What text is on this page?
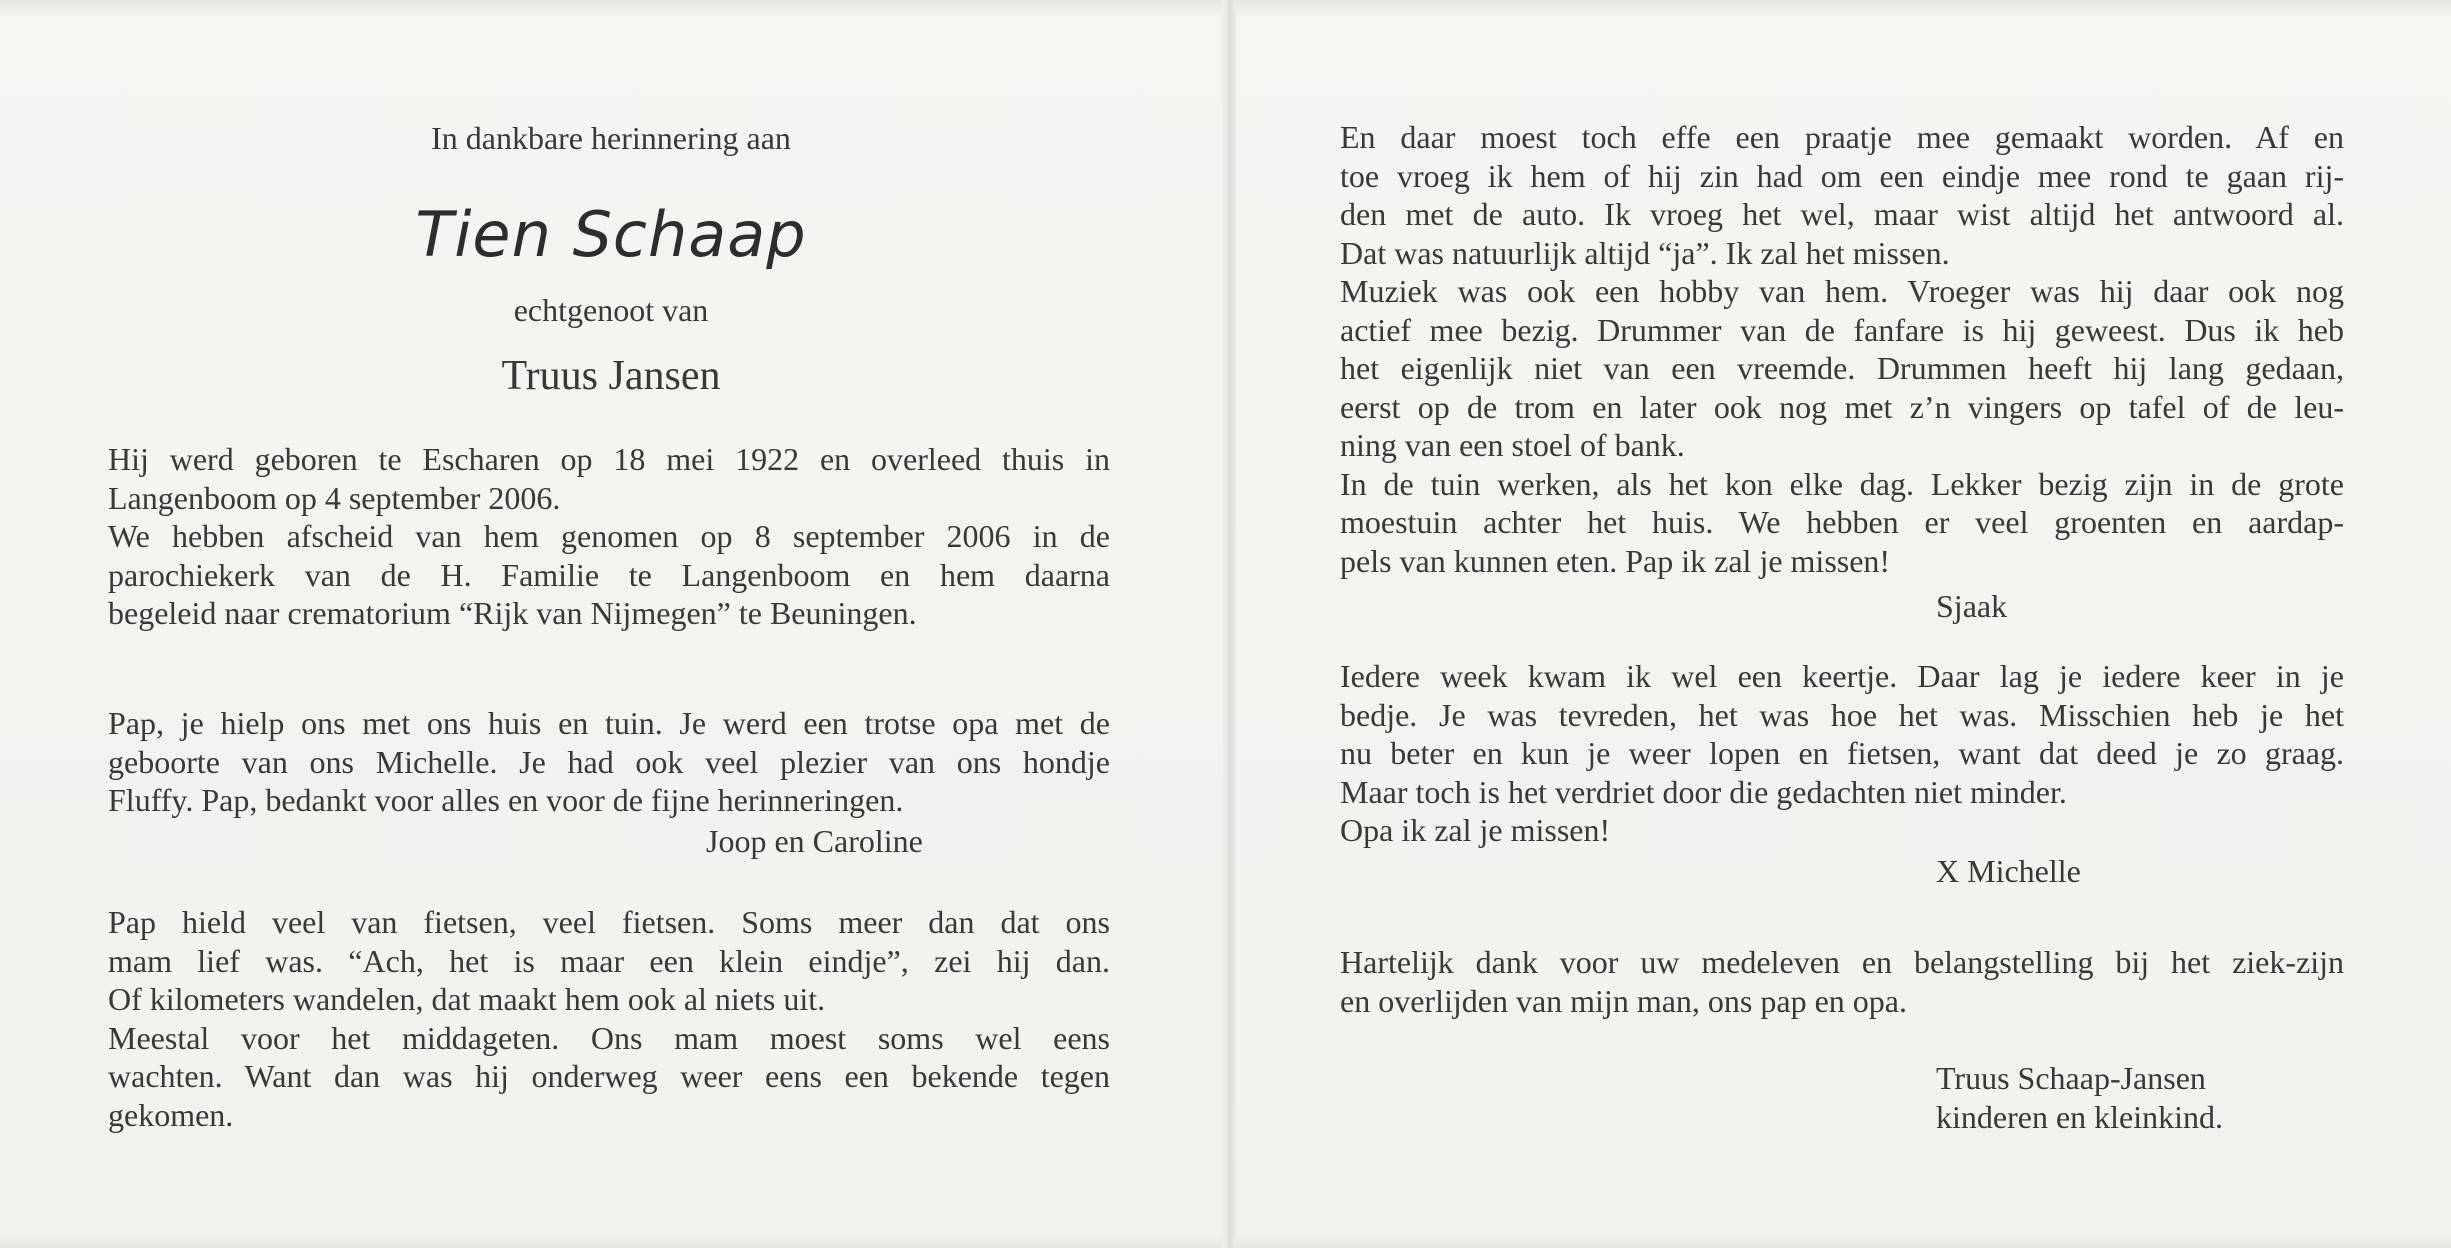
In dankbare herinnering aan
Tien Schaap
echtgenoot van
Truus Jansen

Hij werd geboren te Escharen op 18 mei 1922 en overleed thuis in
Langenboom op 4 september 2006.
We hebben afscheid van hem genomen op 8 september 2006 in de
parochiekerk van de H. Familie te Langenboom en hem daarna
begeleid naar crematorium “Rijk van Nijmegen” te Beuningen.

Pap, je hielp ons met ons huis en tuin. Je werd een trotse opa met de
geboorte van ons Michelle. Je had ook veel plezier van ons hondje
Fluffy. Pap, bedankt voor alles en voor de fijne herinneringen.

Joop en Caroline

Pap hield veel van fietsen, veel fietsen. Soms meer dan dat ons
mam lief was. “Ach, het is maar een klein eindje”, zei hij dan.
Of kilometers wandelen, dat maakt hem ook al niets uit.
Meestal voor het middageten. Ons mam moest soms wel eens
wachten. Want dan was hij onderweg weer eens een bekende tegen
gekomen.

En daar moest toch effe een praatje mee gemaakt worden. Af en
toe vroeg ik hem of hij zin had om een eindje mee rond te gaan rij-
den met de auto. Ik vroeg het wel, maar wist altijd het antwoord al.
Dat was natuurlijk altijd “ja”. Ik zal het missen.
Muziek was ook een hobby van hem. Vroeger was hij daar ook nog
actief mee bezig. Drummer van de fanfare is hij geweest. Dus ik heb
het eigenlijk niet van een vreemde. Drummen heeft hij lang gedaan,
eerst op de trom en later ook nog met z’n vingers op tafel of de leu-
ning van een stoel of bank.
In de tuin werken, als het kon elke dag. Lekker bezig zijn in de grote
moestuin achter het huis. We hebben er veel groenten en aardap-
pels van kunnen eten. Pap ik zal je missen!

Sjaak

Iedere week kwam ik wel een keertje. Daar lag je iedere keer in je
bedje. Je was tevreden, het was hoe het was. Misschien heb je het
nu beter en kun je weer lopen en fietsen, want dat deed je zo graag.
Maar toch is het verdriet door die gedachten niet minder.
Opa ik zal je missen!

X Michelle

Hartelijk dank voor uw medeleven en belangstelling bij het ziek-zijn
en overlijden van mijn man, ons pap en opa.

Truus Schaap-Jansen
kinderen en kleinkind.
